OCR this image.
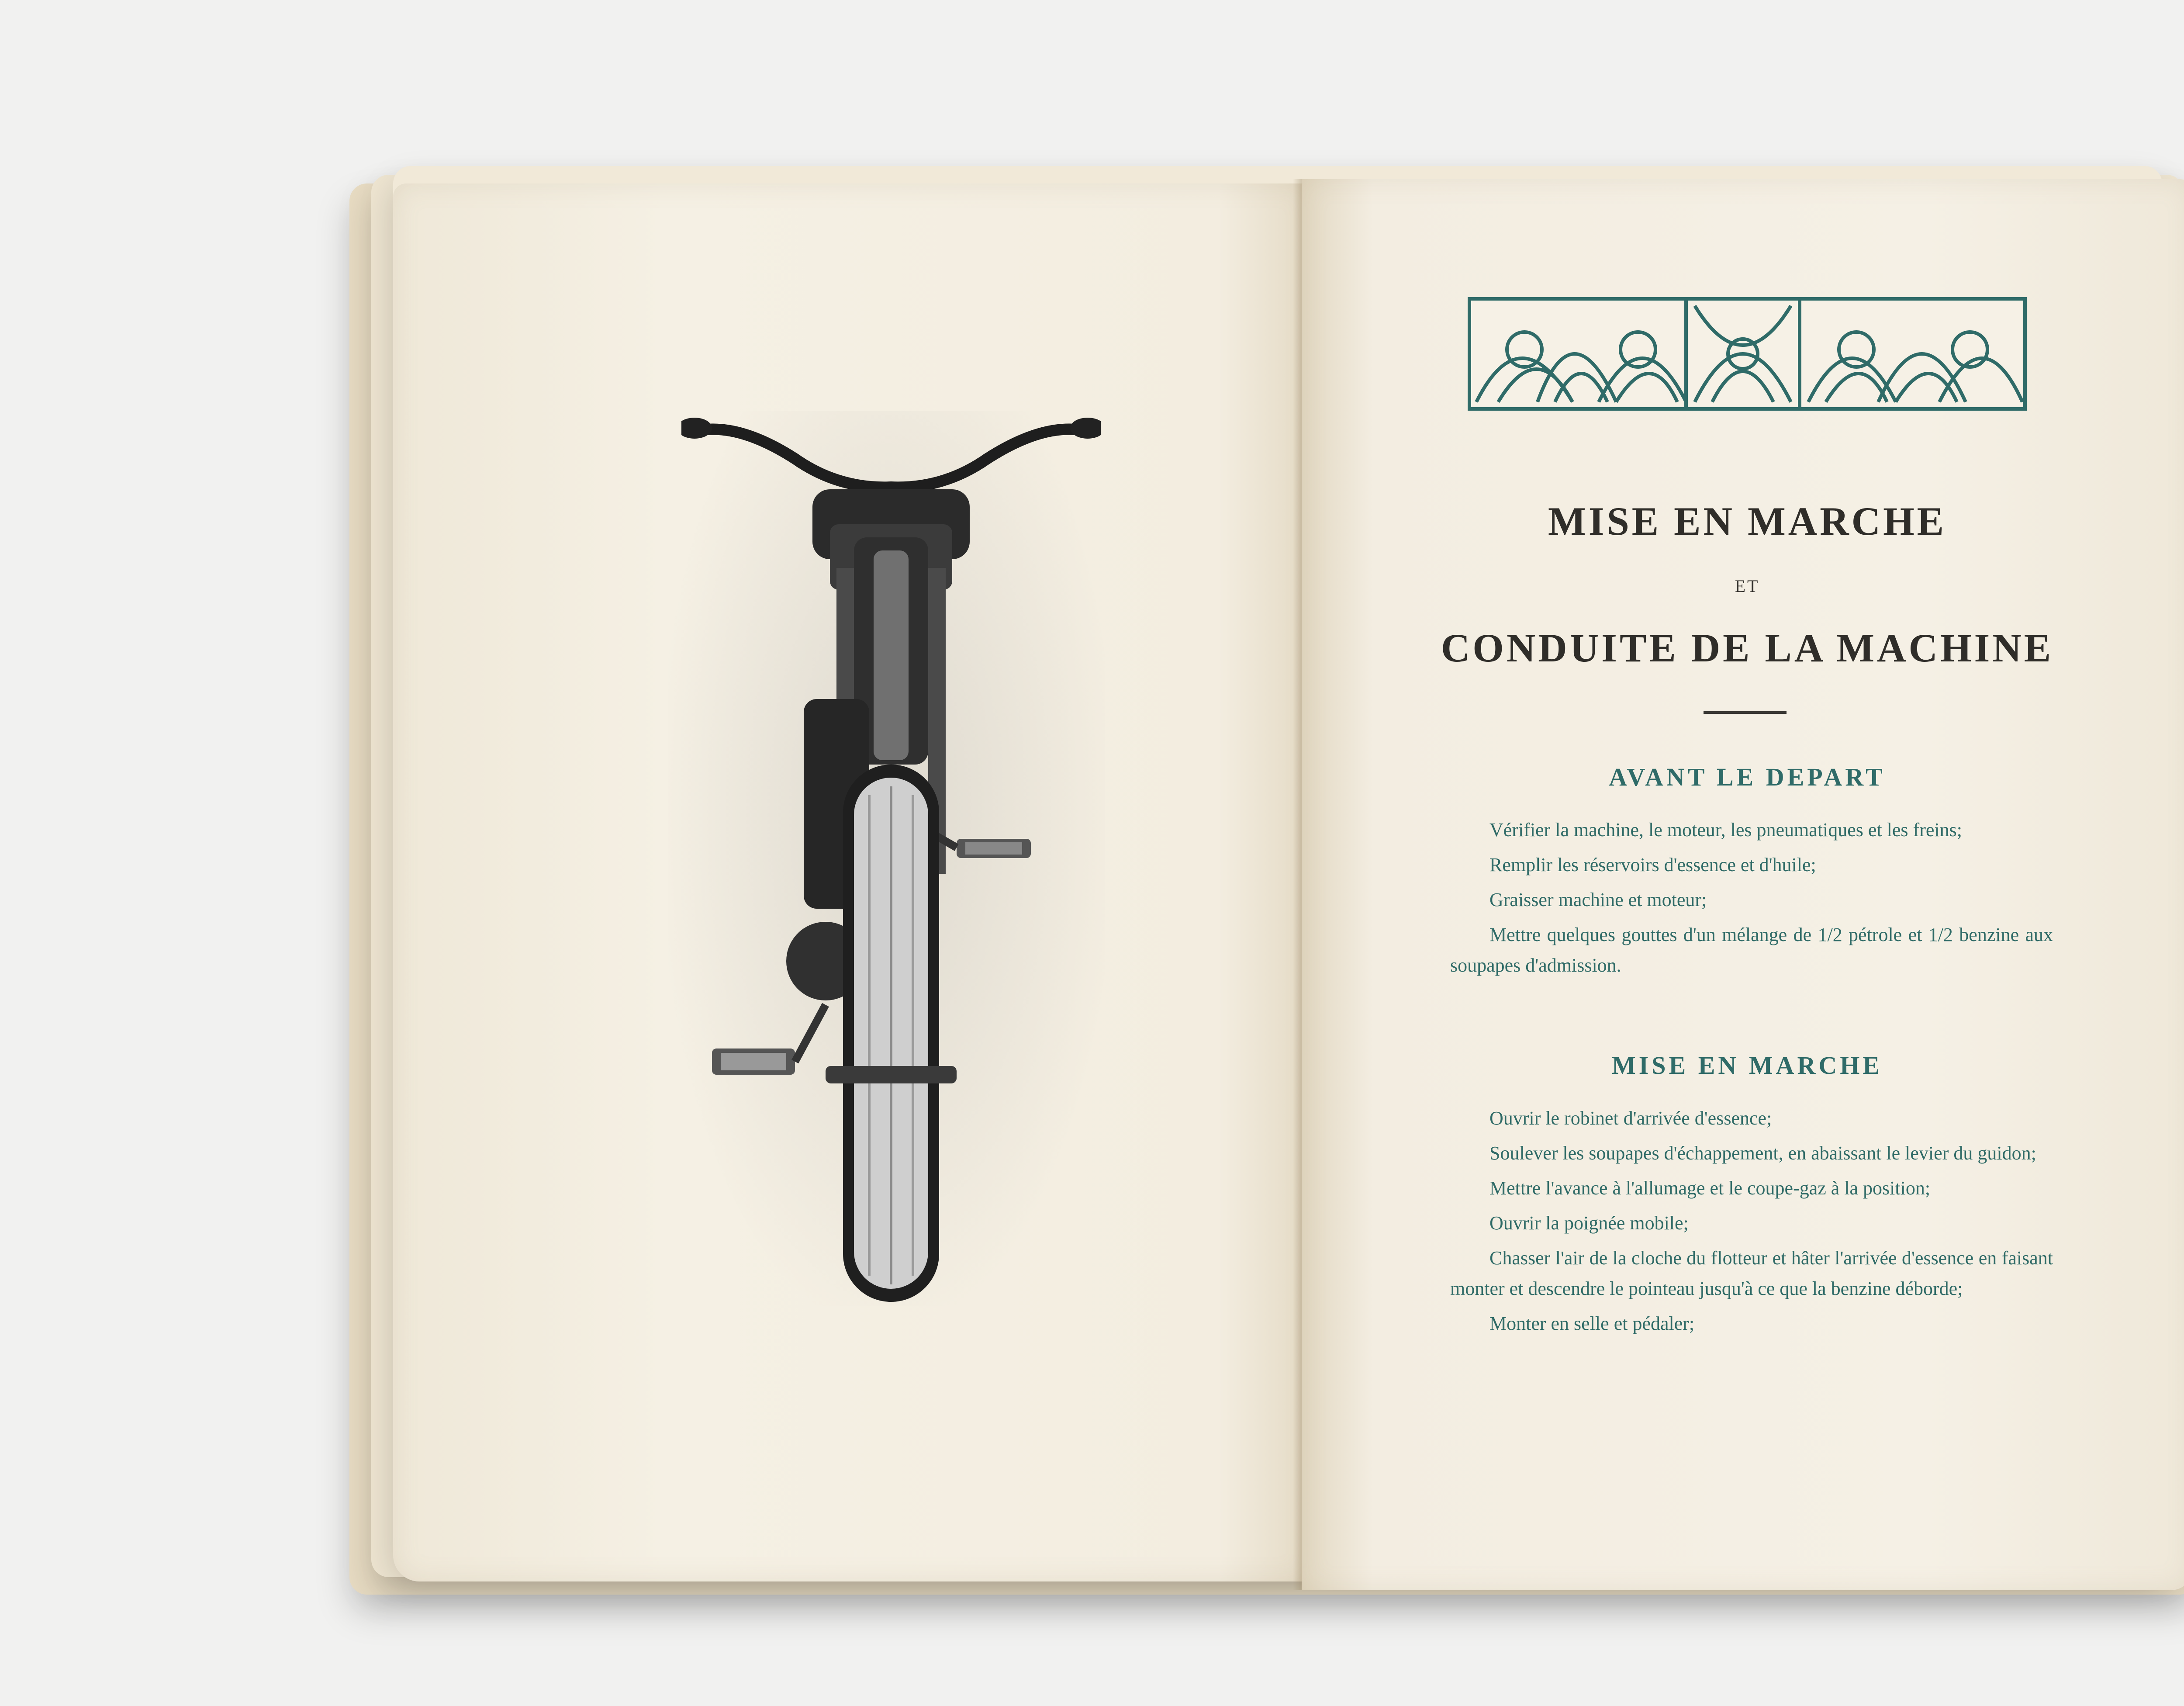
MISE EN MARCHE
ET
CONDUITE DE LA MACHINE
AVANT LE DEPART
Vérifier la machine, le moteur, les pneumatiques et les freins;
Remplir les réservoirs d'essence et d'huile;
Graisser machine et moteur;
Mettre quelques gouttes d'un mélange de 1/2 pétrole et 1/2 benzine aux soupapes d'admission.
MISE EN MARCHE
Ouvrir le robinet d'arrivée d'essence;
Soulever les soupapes d'échappement, en abaissant le levier du guidon;
Mettre l'avance à l'allumage et le coupe-gaz à la position;
Ouvrir la poignée mobile;
Chasser l'air de la cloche du flotteur et hâter l'arrivée d'essence en faisant monter et descendre le pointeau jusqu'à ce que la benzine déborde;
Monter en selle et pédaler;
